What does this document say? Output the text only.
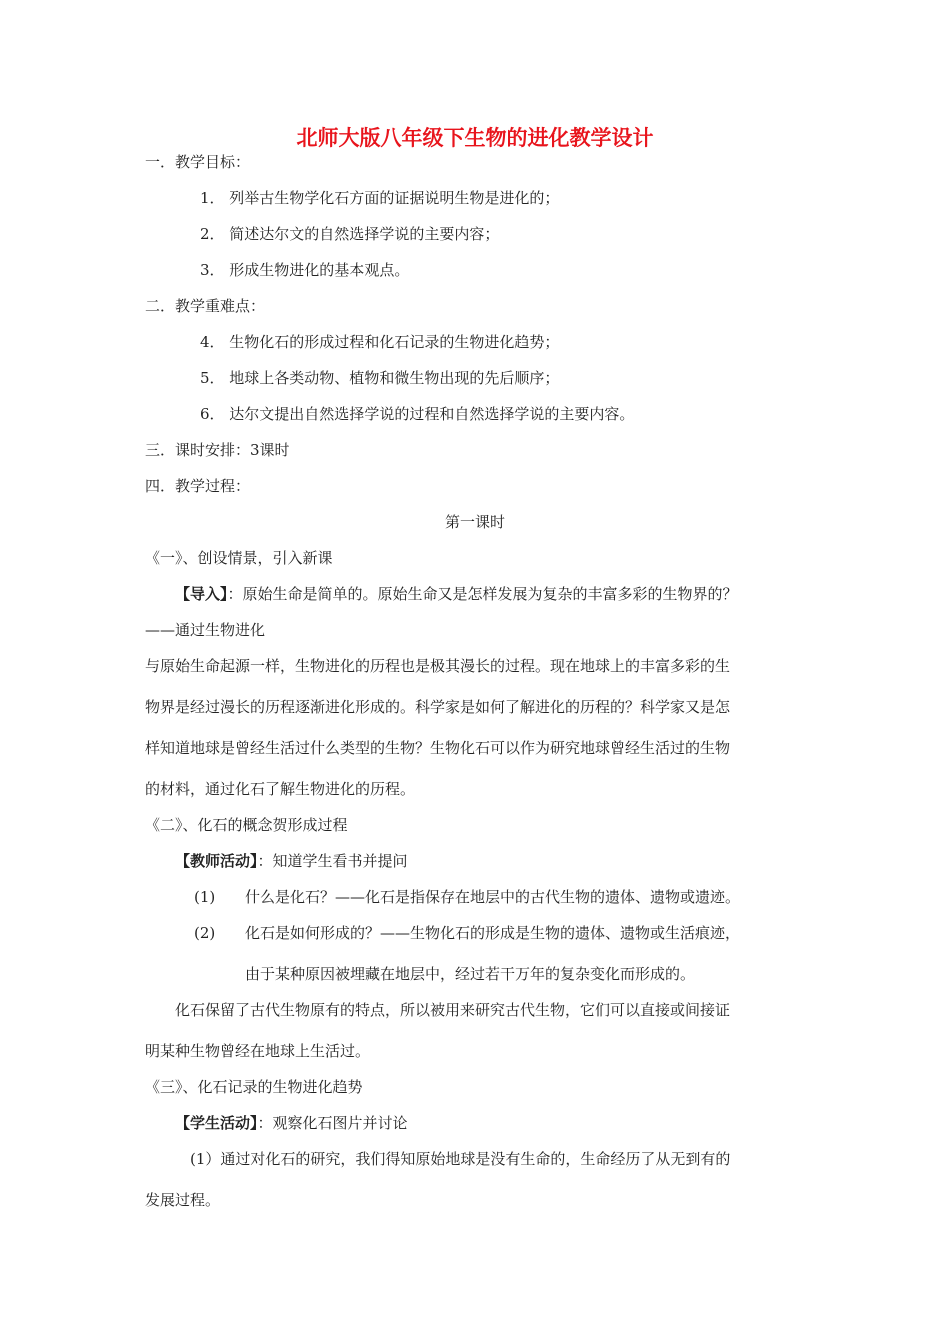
北师大版八年级下生物的进化教学设计
一．教学目标：
1． 列举古生物学化石方面的证据说明生物是进化的；
2． 简述达尔文的自然选择学说的主要内容；
3． 形成生物进化的基本观点。
二．教学重难点：
4． 生物化石的形成过程和化石记录的生物进化趋势；
5． 地球上各类动物、植物和微生物出现的先后顺序；
6． 达尔文提出自然选择学说的过程和自然选择学说的主要内容。
三．课时安排：3课时
四．教学过程：
第一课时
《一》、创设情景，引入新课
【导入】：原始生命是简单的。原始生命又是怎样发展为复杂的丰富多彩的生物界的？
——通过生物进化
与原始生命起源一样，生物进化的历程也是极其漫长的过程。现在地球上的丰富多彩的生
物界是经过漫长的历程逐渐进化形成的。科学家是如何了解进化的历程的？科学家又是怎
样知道地球是曾经生活过什么类型的生物？生物化石可以作为研究地球曾经生活过的生物
的材料，通过化石了解生物进化的历程。
《二》、化石的概念贺形成过程
【教师活动】：知道学生看书并提问
(1) 什么是化石？——化石是指保存在地层中的古代生物的遗体、遗物或遗迹。
(2) 化石是如何形成的？——生物化石的形成是生物的遗体、遗物或生活痕迹，
由于某种原因被埋藏在地层中，经过若干万年的复杂变化而形成的。
化石保留了古代生物原有的特点，所以被用来研究古代生物，它们可以直接或间接证
明某种生物曾经在地球上生活过。
《三》、化石记录的生物进化趋势
【学生活动】：观察化石图片并讨论
(1）通过对化石的研究，我们得知原始地球是没有生命的，生命经历了从无到有的
发展过程。
